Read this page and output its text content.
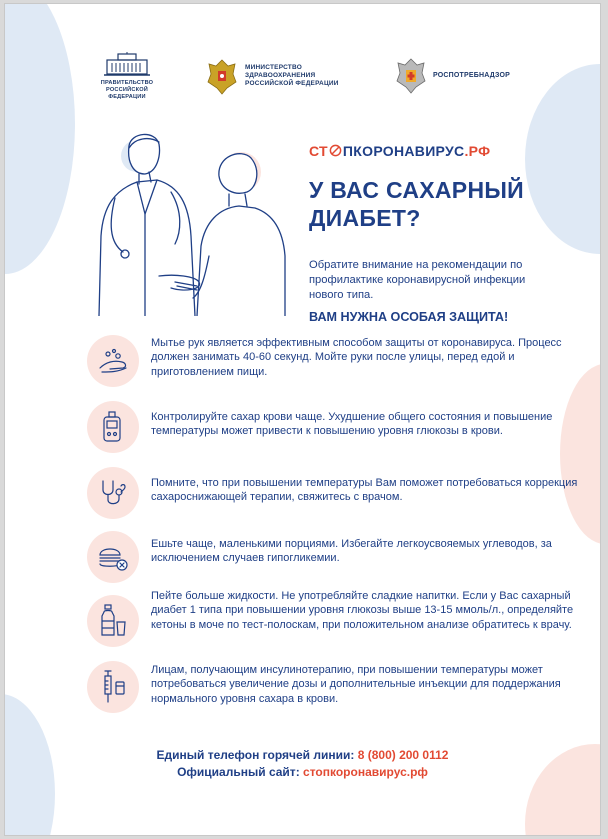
ПРАВИТЕЛЬСТВО РОССИЙСКОЙ ФЕДЕРАЦИИ
МИНИСТЕРСТВО
ЗДРАВООХРАНЕНИЯ
РОССИЙСКОЙ ФЕДЕРАЦИИ
РОСПОТРЕБНАДЗОР
СТ ПКОРОНАВИРУС.РФ
У ВАС САХАРНЫЙ ДИАБЕТ?
Обратите внимание на рекомендации по профилактике коронавирусной инфекции нового типа.
ВАМ НУЖНА ОСОБАЯ ЗАЩИТА!
Мытье рук является эффективным способом защиты от коронавируса. Процесс должен занимать 40-60 секунд. Мойте руки после улицы, перед едой и приготовлением пищи.
Контролируйте сахар крови чаще. Ухудшение общего состояния и повышение температуры может привести к повышению уровня глюкозы в крови.
Помните, что при повышении температуры Вам поможет потребоваться коррекция сахароснижающей терапии, свяжитесь с врачом.
Ешьте чаще, маленькими порциями. Избегайте легкоусвояемых углеводов, за исключением случаев гипогликемии.
Пейте больше жидкости. Не употребляйте сладкие напитки. Если у Вас сахарный диабет 1 типа при повышении уровня глюкозы выше 13-15 ммоль/л., определяйте кетоны в моче по тест-полоскам, при положительном анализе обратитесь к врачу.
Лицам, получающим инсулинотерапию, при повышении температуры может потребоваться увеличение дозы и дополнительные инъекции для поддержания нормального уровня сахара в крови.
Единый телефон горячей линии: 8 (800) 200 0112
Официальный сайт: стопкоронавирус.рф
